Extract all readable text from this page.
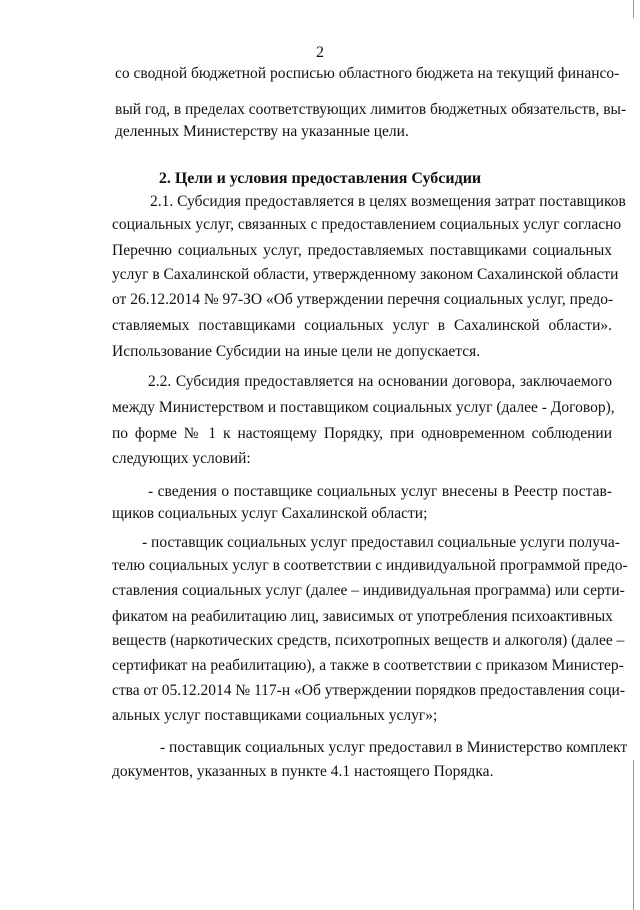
2
со сводной бюджетной росписью областного бюджета на текущий финансо-
вый год, в пределах соответствующих лимитов бюджетных обязательств, вы-
деленных Министерству на указанные цели.
2. Цели и условия предоставления Субсидии
2.1. Субсидия предоставляется в целях возмещения затрат поставщиков
социальных услуг, связанных с предоставлением социальных услуг согласно
Перечню социальных услуг, предоставляемых поставщиками социальных
услуг в Сахалинской области, утвержденному законом Сахалинской области
от 26.12.2014 № 97-ЗО «Об утверждении перечня социальных услуг, предо-
ставляемых поставщиками социальных услуг в Сахалинской области».
Использование Субсидии на иные цели не допускается.
2.2. Субсидия предоставляется на основании договора, заключаемого
между Министерством и поставщиком социальных услуг (далее - Договор),
по форме № 1 к настоящему Порядку, при одновременном соблюдении
следующих условий:
- сведения о поставщике социальных услуг внесены в Реестр постав-
щиков социальных услуг Сахалинской области;
- поставщик социальных услуг предоставил социальные услуги получа-
телю социальных услуг в соответствии с индивидуальной программой предо-
ставления социальных услуг (далее – индивидуальная программа) или серти-
фикатом на реабилитацию лиц, зависимых от употребления психоактивных
веществ (наркотических средств, психотропных веществ и алкоголя) (далее –
сертификат на реабилитацию), а также в соответствии с приказом Министер-
ства от 05.12.2014 № 117-н «Об утверждении порядков предоставления соци-
альных услуг поставщиками социальных услуг»;
- поставщик социальных услуг предоставил в Министерство комплект
документов, указанных в пункте 4.1 настоящего Порядка.
